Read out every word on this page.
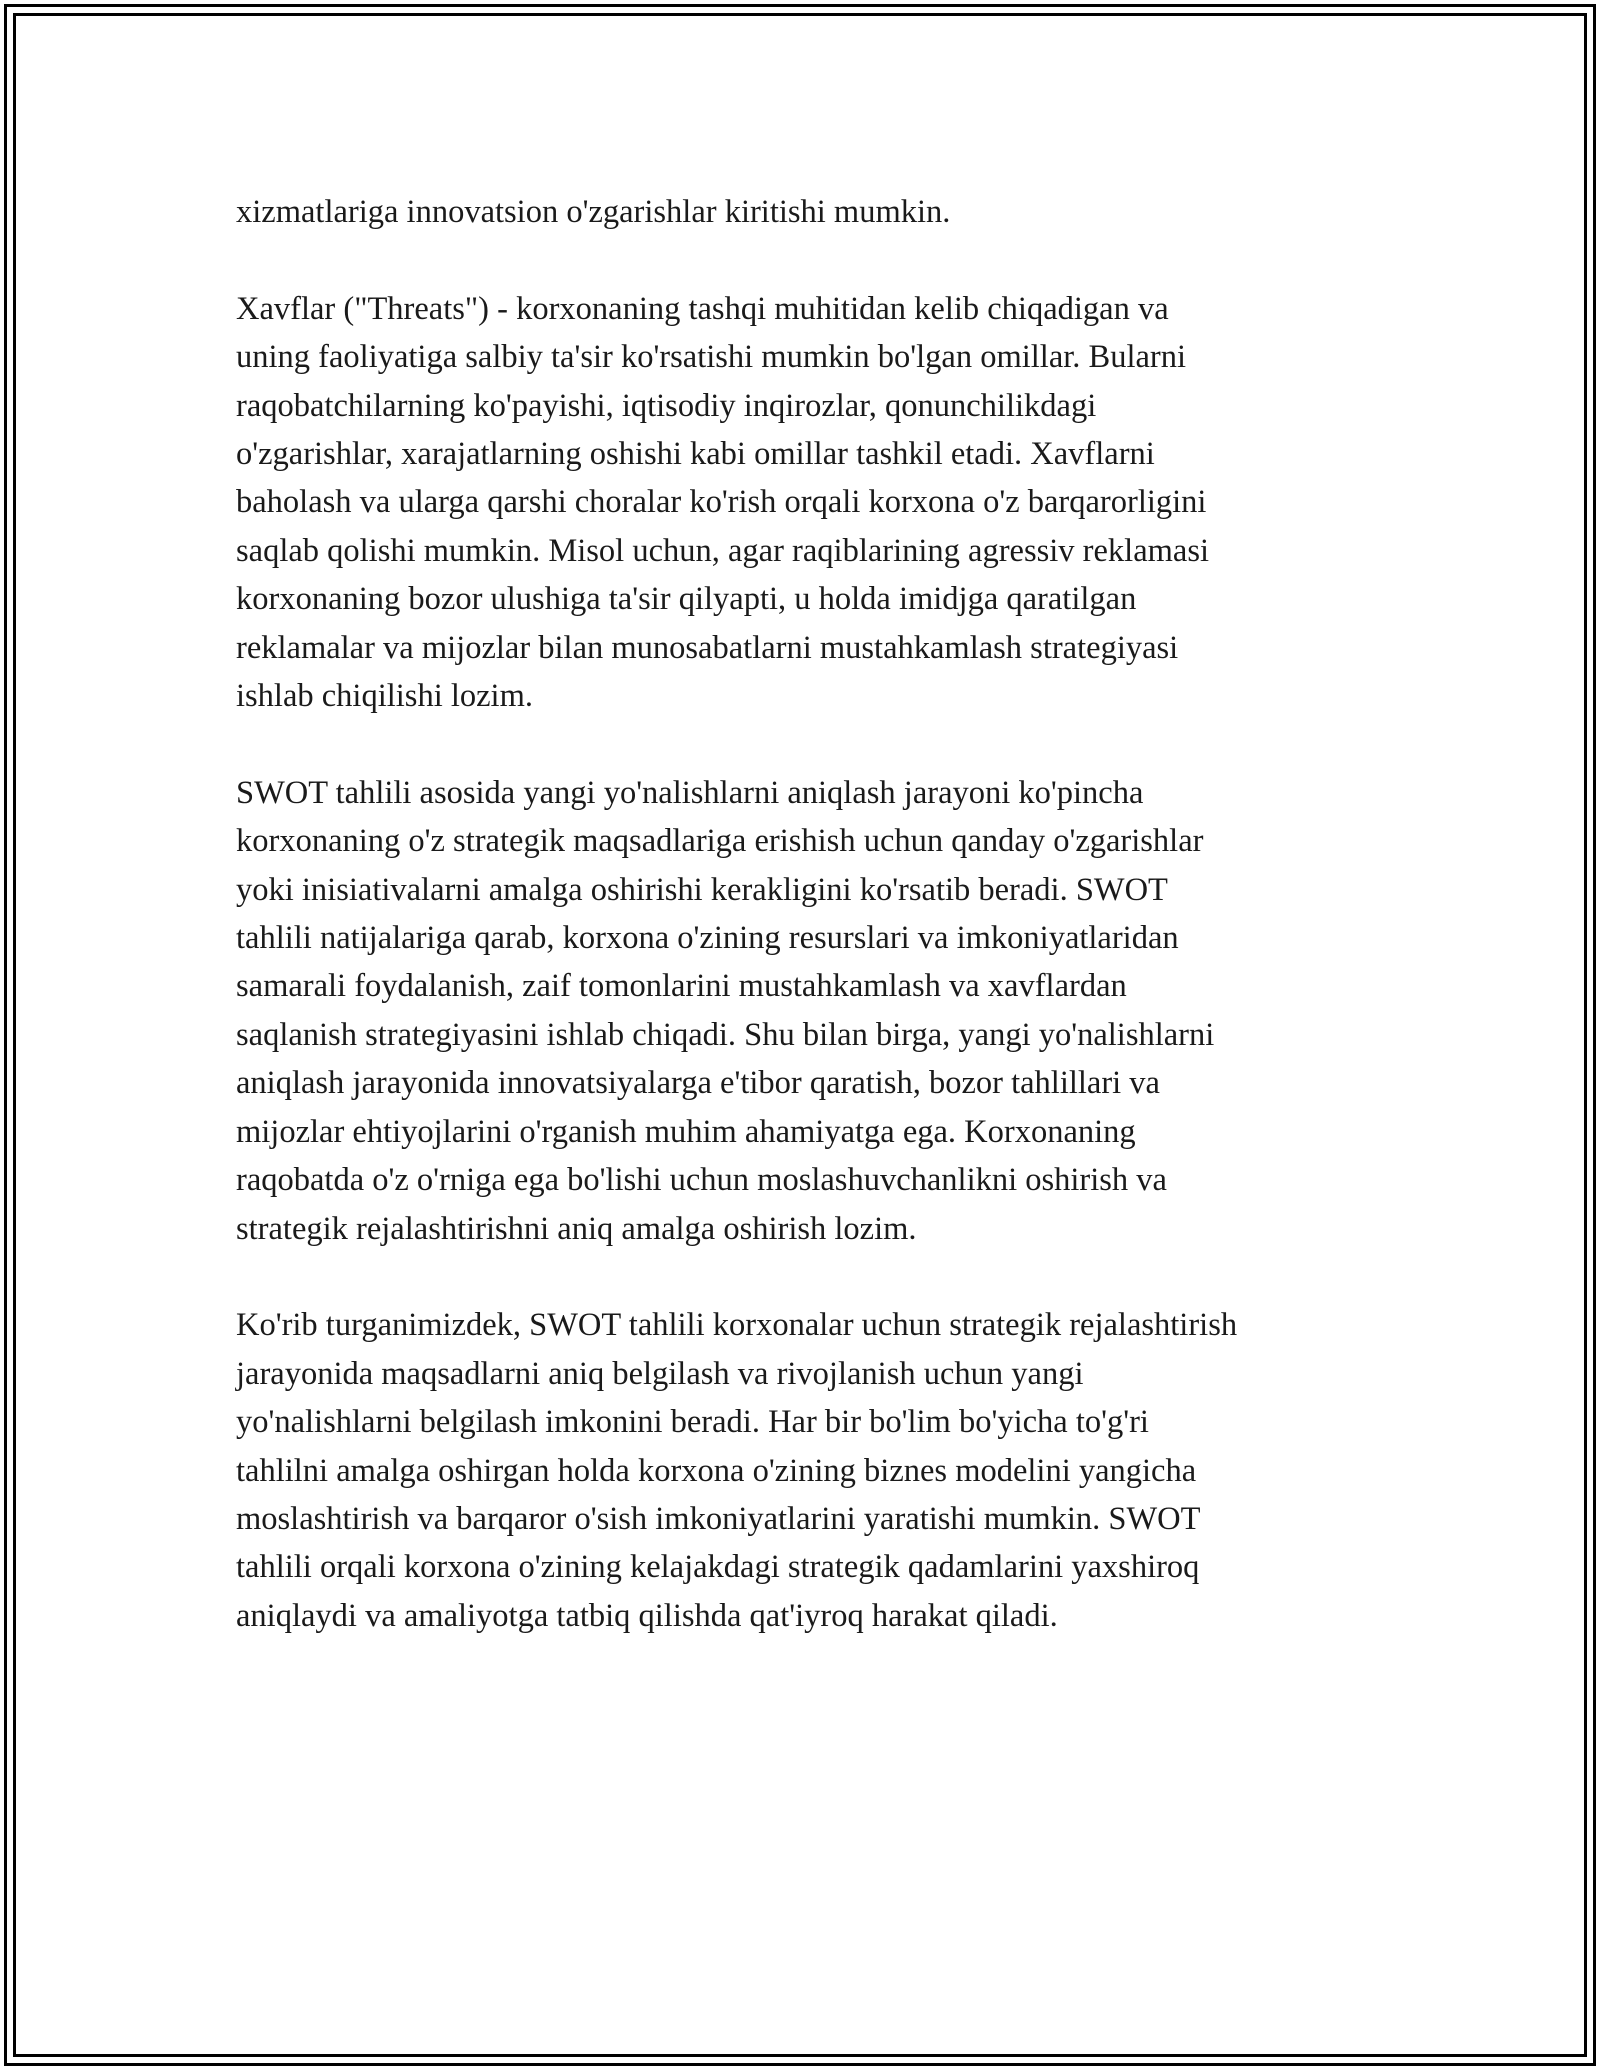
xizmatlariga innovatsion o'zgarishlar kiritishi mumkin.

Xavflar ("Threats") - korxonaning tashqi muhitidan kelib chiqadigan va
uning faoliyatiga salbiy ta'sir ko'rsatishi mumkin bo'lgan omillar. Bularni
raqobatchilarning ko'payishi, iqtisodiy inqirozlar, qonunchilikdagi
o'zgarishlar, xarajatlarning oshishi kabi omillar tashkil etadi. Xavflarni
baholash va ularga qarshi choralar ko'rish orqali korxona o'z barqarorligini
saqlab qolishi mumkin. Misol uchun, agar raqiblarining agressiv reklamasi
korxonaning bozor ulushiga ta'sir qilyapti, u holda imidjga qaratilgan
reklamalar va mijozlar bilan munosabatlarni mustahkamlash strategiyasi
ishlab chiqilishi lozim.

SWOT tahlili asosida yangi yo'nalishlarni aniqlash jarayoni ko'pincha
korxonaning o'z strategik maqsadlariga erishish uchun qanday o'zgarishlar
yoki inisiativalarni amalga oshirishi kerakligini ko'rsatib beradi. SWOT
tahlili natijalariga qarab, korxona o'zining resurslari va imkoniyatlaridan
samarali foydalanish, zaif tomonlarini mustahkamlash va xavflardan
saqlanish strategiyasini ishlab chiqadi. Shu bilan birga, yangi yo'nalishlarni
aniqlash jarayonida innovatsiyalarga e'tibor qaratish, bozor tahlillari va
mijozlar ehtiyojlarini o'rganish muhim ahamiyatga ega. Korxonaning
raqobatda o'z o'rniga ega bo'lishi uchun moslashuvchanlikni oshirish va
strategik rejalashtirishni aniq amalga oshirish lozim.

Ko'rib turganimizdek, SWOT tahlili korxonalar uchun strategik rejalashtirish
jarayonida maqsadlarni aniq belgilash va rivojlanish uchun yangi
yo'nalishlarni belgilash imkonini beradi. Har bir bo'lim bo'yicha to'g'ri
tahlilni amalga oshirgan holda korxona o'zining biznes modelini yangicha
moslashtirish va barqaror o'sish imkoniyatlarini yaratishi mumkin. SWOT
tahlili orqali korxona o'zining kelajakdagi strategik qadamlarini yaxshiroq
aniqlaydi va amaliyotga tatbiq qilishda qat'iyroq harakat qiladi.
